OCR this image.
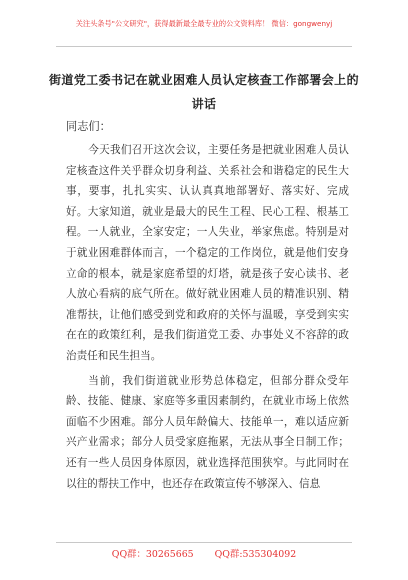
关注头条号"公文研究"，获得最新最全最专业的公文资料库！ 微信：gongwenyj
街道党工委书记在就业困难人员认定核查工作部署会上的讲话
同志们：

今天我们召开这次会议，主要任务是把就业困难人员认定核查这件关乎群众切身利益、关系社会和谐稳定的民生大事，要事，扎扎实实、认认真真地部署好、落实好、完成好。大家知道，就业是最大的民生工程、民心工程、根基工程。一人就业，全家安定；一人失业，举家焦虑。特别是对于就业困难群体而言，一个稳定的工作岗位，就是他们安身立命的根本，就是家庭希望的灯塔，就是孩子安心读书、老人放心看病的底气所在。做好就业困难人员的精准识别、精准帮扶，让他们感受到党和政府的关怀与温暖，享受到实实在在的政策红利，是我们街道党工委、办事处义不容辞的政治责任和民生担当。

当前，我们街道就业形势总体稳定，但部分群众受年龄、技能、健康、家庭等多重因素制约，在就业市场上依然面临不少困难。部分人员年龄偏大、技能单一，难以适应新兴产业需求；部分人员受家庭拖累，无法从事全日制工作；还有一些人员因身体原因，就业选择范围狭窄。与此同时在以往的帮扶工作中，也还存在政策宣传不够深入、信息

QQ群：30265665 QQ群:535304092
